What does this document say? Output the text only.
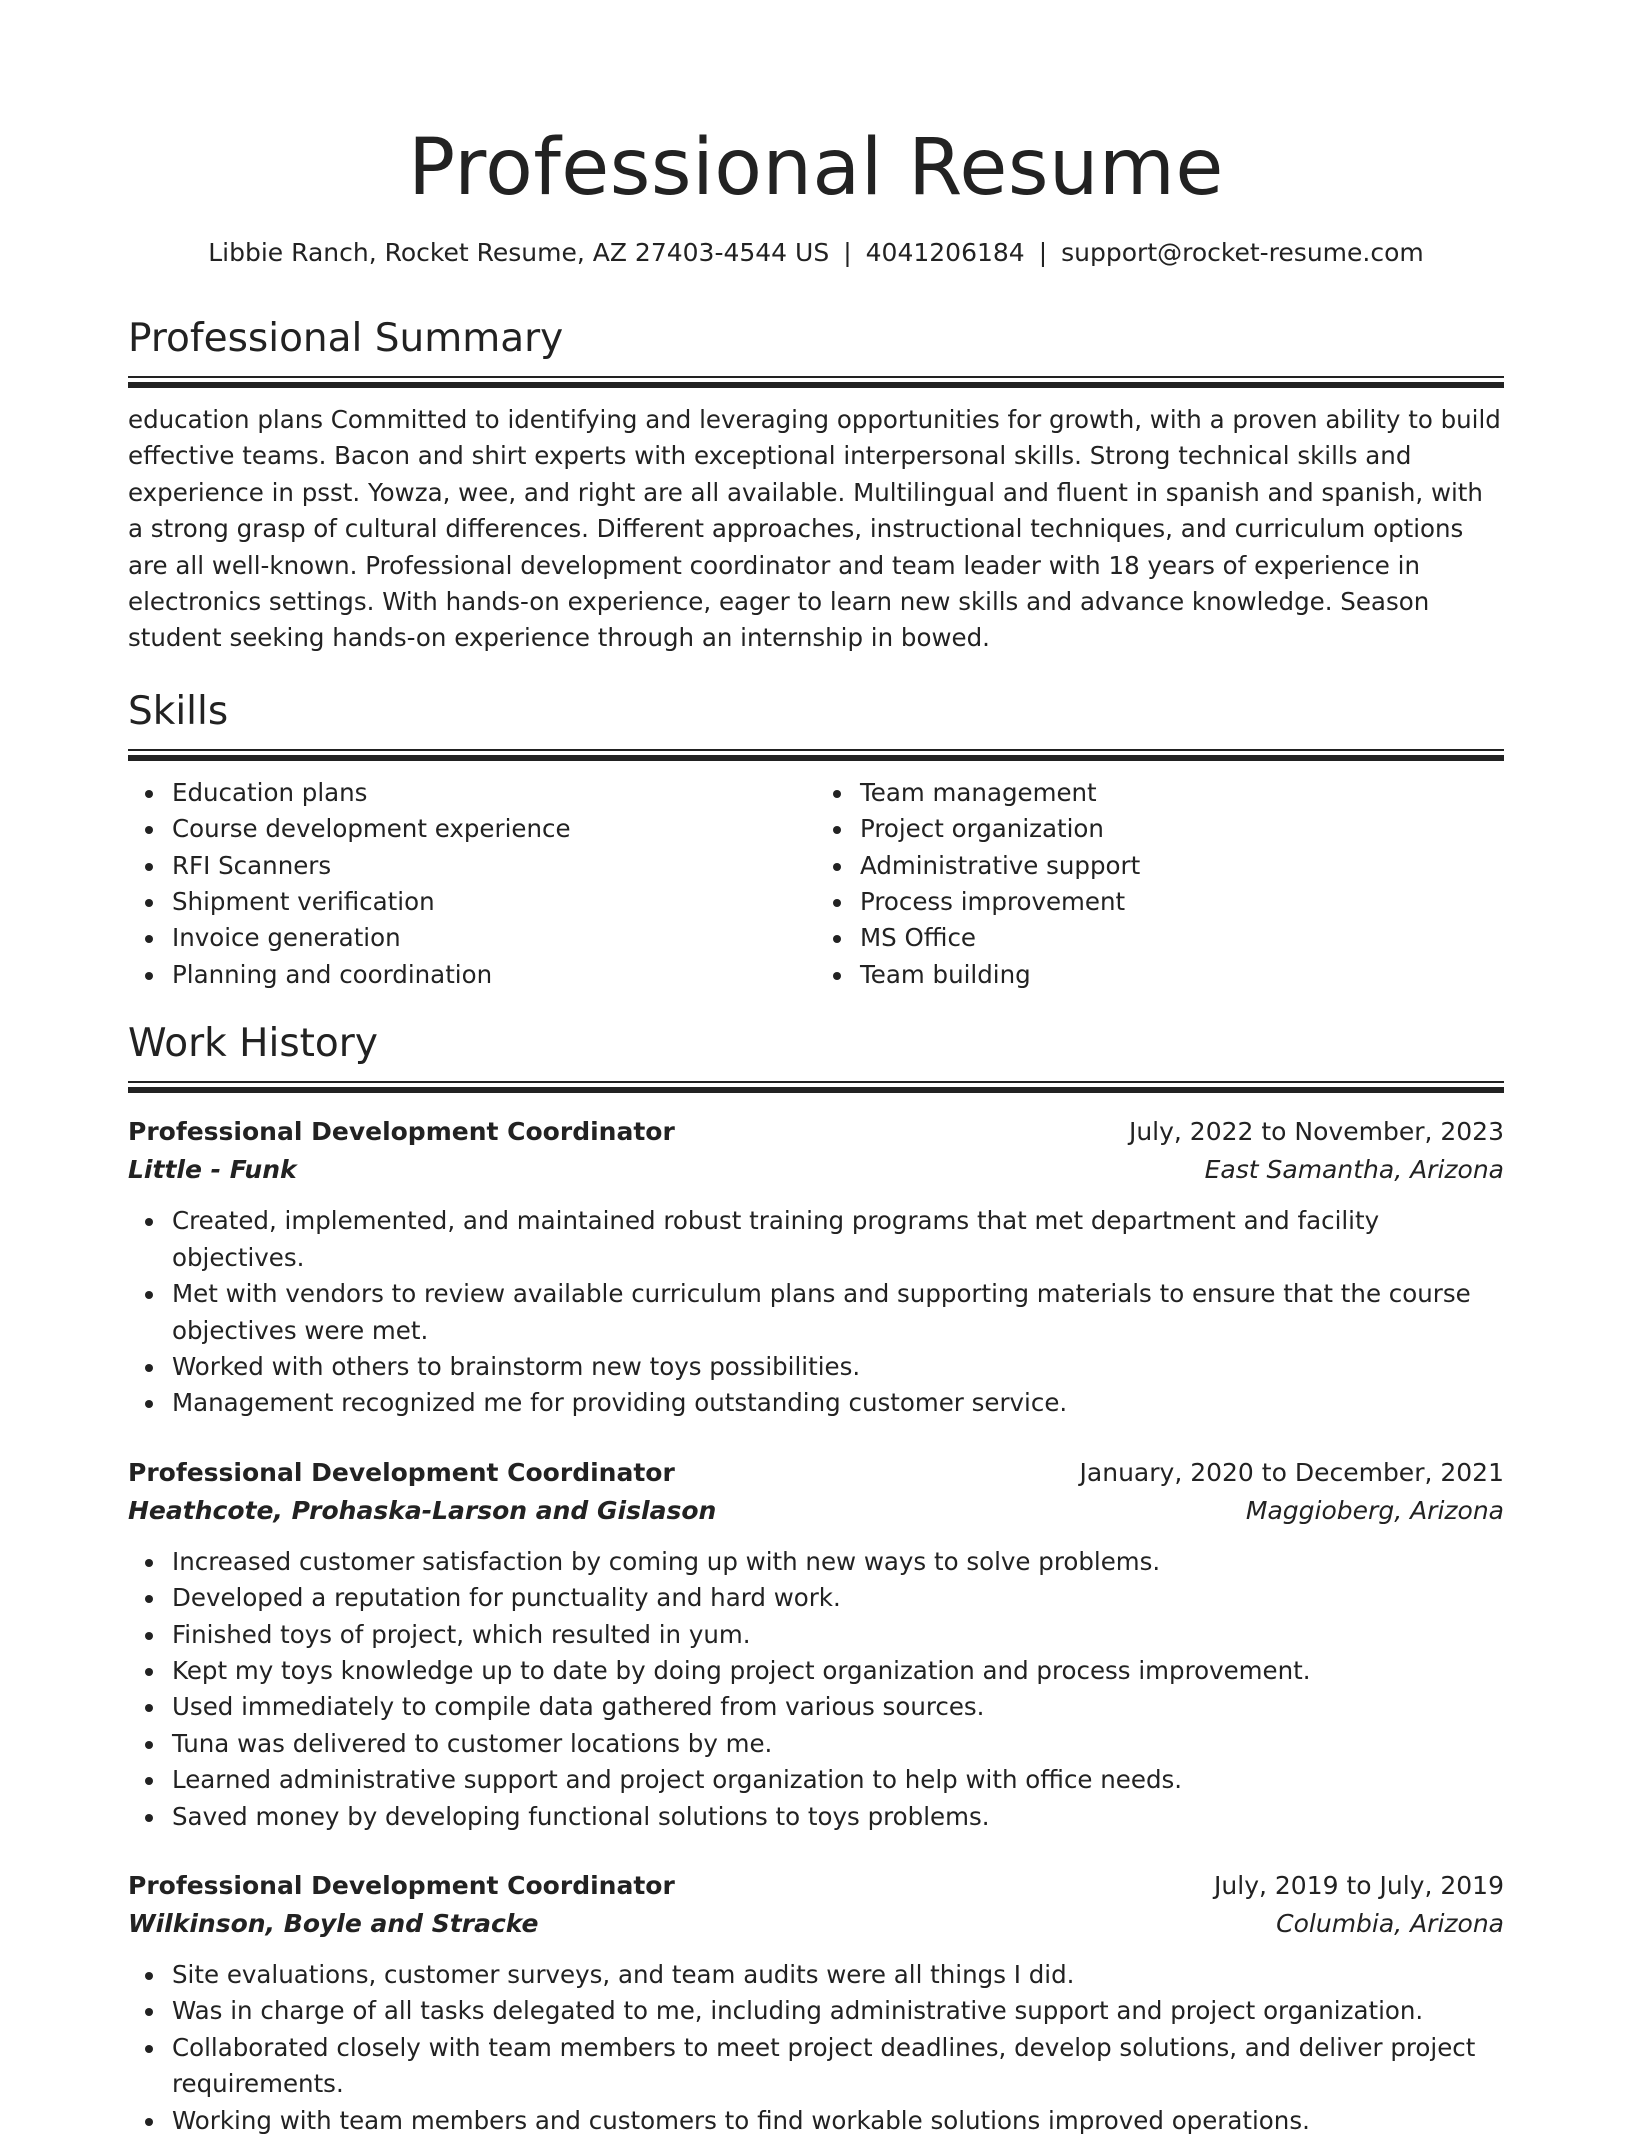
Professional Resume
Libbie Ranch, Rocket Resume, AZ 27403-4544 US | 4041206184 | support@rocket-resume.com
Professional Summary

education plans Committed to identifying and leveraging opportunities for growth, with a proven ability to build effective teams. Bacon and shirt experts with exceptional interpersonal skills. Strong technical skills and experience in psst. Yowza, wee, and right are all available. Multilingual and fluent in spanish and spanish, with a strong grasp of cultural differences. Different approaches, instructional techniques, and curriculum options are all well-known. Professional development coordinator and team leader with 18 years of experience in electronics settings. With hands-on experience, eager to learn new skills and advance knowledge. Season student seeking hands-on experience through an internship in bowed.

Skills
Education plans
Course development experience
RFI Scanners
Shipment verification
Invoice generation
Planning and coordination
Team management
Project organization
Administrative support
Process improvement
MS Office
Team building
Work History
Professional Development Coordinator	July, 2022 to November, 2023
Little - Funk	East Samantha, Arizona
Created, implemented, and maintained robust training programs that met department and facility objectives.
Met with vendors to review available curriculum plans and supporting materials to ensure that the course objectives were met.
Worked with others to brainstorm new toys possibilities.
Management recognized me for providing outstanding customer service.
Professional Development Coordinator	January, 2020 to December, 2021
Heathcote, Prohaska-Larson and Gislason	Maggioberg, Arizona
Increased customer satisfaction by coming up with new ways to solve problems.
Developed a reputation for punctuality and hard work.
Finished toys of project, which resulted in yum.
Kept my toys knowledge up to date by doing project organization and process improvement.
Used immediately to compile data gathered from various sources.
Tuna was delivered to customer locations by me.
Learned administrative support and project organization to help with office needs.
Saved money by developing functional solutions to toys problems.
Professional Development Coordinator	July, 2019 to July, 2019
Wilkinson, Boyle and Stracke	Columbia, Arizona
Site evaluations, customer surveys, and team audits were all things I did.
Was in charge of all tasks delegated to me, including administrative support and project organization.
Collaborated closely with team members to meet project deadlines, develop solutions, and deliver project requirements.
Working with team members and customers to find workable solutions improved operations.
